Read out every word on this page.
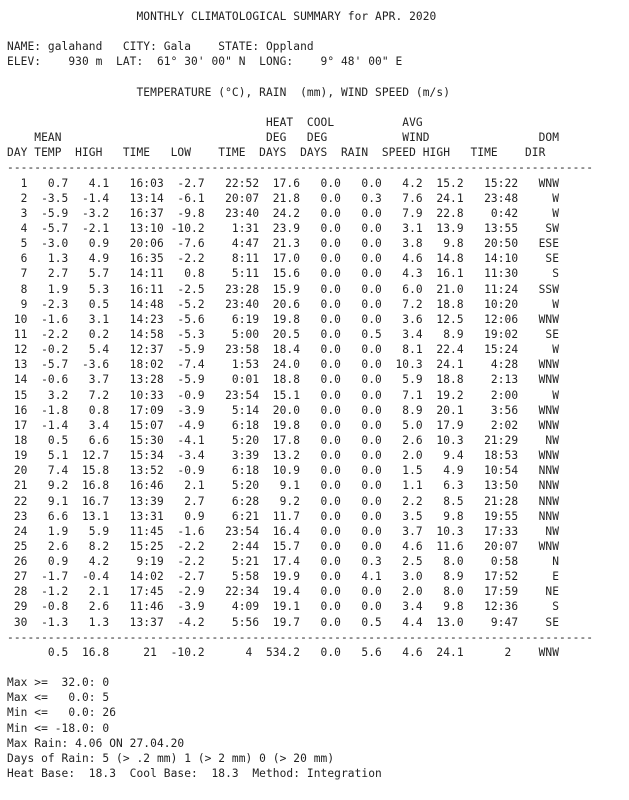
MONTHLY CLIMATOLOGICAL SUMMARY for APR. 2020
NAME: galahand   CITY: Gala    STATE: Oppland
ELEV:    930 m  LAT:  61° 30' 00" N  LONG:    9° 48' 00" E
TEMPERATURE (°C), RAIN  (mm), WIND SPEED (m/s)
HEAT  COOL          AVG
MEAN                              DEG   DEG           WIND                DOM
DAY TEMP  HIGH   TIME   LOW    TIME  DAYS  DAYS  RAIN  SPEED HIGH   TIME    DIR
--------------------------------------------------------------------------------------
1   0.7   4.1   16:03  -2.7   22:52  17.6   0.0   0.0   4.2  15.2   15:22   WNW
2  -3.5  -1.4   13:14  -6.1   20:07  21.8   0.0   0.3   7.6  24.1   23:48     W
3  -5.9  -3.2   16:37  -9.8   23:40  24.2   0.0   0.0   7.9  22.8    0:42     W
4  -5.7  -2.1   13:10 -10.2    1:31  23.9   0.0   0.0   3.1  13.9   13:55    SW
5  -3.0   0.9   20:06  -7.6    4:47  21.3   0.0   0.0   3.8   9.8   20:50   ESE
6   1.3   4.9   16:35  -2.2    8:11  17.0   0.0   0.0   4.6  14.8   14:10    SE
7   2.7   5.7   14:11   0.8    5:11  15.6   0.0   0.0   4.3  16.1   11:30     S
8   1.9   5.3   16:11  -2.5   23:28  15.9   0.0   0.0   6.0  21.0   11:24   SSW
9  -2.3   0.5   14:48  -5.2   23:40  20.6   0.0   0.0   7.2  18.8   10:20     W
10  -1.6   3.1   14:23  -5.6    6:19  19.8   0.0   0.0   3.6  12.5   12:06   WNW
11  -2.2   0.2   14:58  -5.3    5:00  20.5   0.0   0.5   3.4   8.9   19:02    SE
12  -0.2   5.4   12:37  -5.9   23:58  18.4   0.0   0.0   8.1  22.4   15:24     W
13  -5.7  -3.6   18:02  -7.4    1:53  24.0   0.0   0.0  10.3  24.1    4:28   WNW
14  -0.6   3.7   13:28  -5.9    0:01  18.8   0.0   0.0   5.9  18.8    2:13   WNW
15   3.2   7.2   10:33  -0.9   23:54  15.1   0.0   0.0   7.1  19.2    2:00     W
16  -1.8   0.8   17:09  -3.9    5:14  20.0   0.0   0.0   8.9  20.1    3:56   WNW
17  -1.4   3.4   15:07  -4.9    6:18  19.8   0.0   0.0   5.0  17.9    2:02   WNW
18   0.5   6.6   15:30  -4.1    5:20  17.8   0.0   0.0   2.6  10.3   21:29    NW
19   5.1  12.7   15:34  -3.4    3:39  13.2   0.0   0.0   2.0   9.4   18:53   WNW
20   7.4  15.8   13:52  -0.9    6:18  10.9   0.0   0.0   1.5   4.9   10:54   NNW
21   9.2  16.8   16:46   2.1    5:20   9.1   0.0   0.0   1.1   6.3   13:50   NNW
22   9.1  16.7   13:39   2.7    6:28   9.2   0.0   0.0   2.2   8.5   21:28   NNW
23   6.6  13.1   13:31   0.9    6:21  11.7   0.0   0.0   3.5   9.8   19:55   NNW
24   1.9   5.9   11:45  -1.6   23:54  16.4   0.0   0.0   3.7  10.3   17:33    NW
25   2.6   8.2   15:25  -2.2    2:44  15.7   0.0   0.0   4.6  11.6   20:07   WNW
26   0.9   4.2    9:19  -2.2    5:21  17.4   0.0   0.3   2.5   8.0    0:58     N
27  -1.7  -0.4   14:02  -2.7    5:58  19.9   0.0   4.1   3.0   8.9   17:52     E
28  -1.2   2.1   17:45  -2.9   22:34  19.4   0.0   0.0   2.0   8.0   17:59    NE
29  -0.8   2.6   11:46  -3.9    4:09  19.1   0.0   0.0   3.4   9.8   12:36     S
30  -1.3   1.3   13:37  -4.2    5:56  19.7   0.0   0.5   4.4  13.0    9:47    SE
--------------------------------------------------------------------------------------
0.5  16.8     21  -10.2      4  534.2   0.0   5.6   4.6  24.1      2    WNW
Max >=  32.0: 0
Max <=   0.0: 5
Min <=   0.0: 26
Min <= -18.0: 0
Max Rain: 4.06 ON 27.04.20
Days of Rain: 5 (> .2 mm) 1 (> 2 mm) 0 (> 20 mm)
Heat Base:  18.3  Cool Base:  18.3  Method: Integration
